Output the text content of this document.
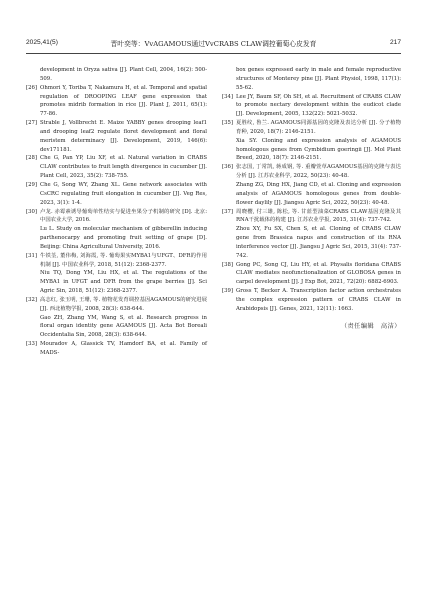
2025,41(5)	晋叶奕等：VvAGAMOUS通过VvCRABS CLAW调控葡萄心皮发育	217
development in Oryza sativa [J]. Plant Cell, 2004, 16(2): 500-509.
[26] Ohmori Y, Toriba T, Nakamura H, et al. Temporal and spatial regulation of DROOPING LEAF gene expression that promotes midrib formation in rice [J]. Plant J, 2011, 65(1): 77-86.
[27] Strable J, Vollbrecht E. Maize YABBY genes drooping leaf1 and drooping leaf2 regulate floret development and floral meristem determinacy [J]. Development, 2019, 146(6): dev171181.
[28] Che G, Pan YP, Liu XF, et al. Natural variation in CRABS CLAW contributes to fruit length divergence in cucumber [J]. Plant Cell, 2023, 35(2): 738-755.
[29] Che G, Song WY, Zhang XL. Gene network associates with CsCRC regulating fruit elongation in cucumber [J]. Veg Res, 2023, 3(1): 1-4.
[30] 卢龙. 赤霉素诱导葡萄单性结实与促进坐果分子机制的研究 [D]. 北京: 中国农业大学, 2016.
Lu L. Study on molecular mechanism of gibberellin inducing parthenocarpy and promoting fruit setting of grape [D]. Beijing: China Agricultural University, 2016.
[31] 牛铁荃, 董伟梅, 刘海霞, 等. 葡萄果实MYBA1与UFGT、DFR的作用机制 [J]. 中国农业科学, 2018, 51(12): 2368-2377.
Niu TQ, Dong YM, Liu HX, et al. The regulations of the MYBA1 in UFGT and DFR from the grape berries [J]. Sci Agric Sin, 2018, 51(12): 2368-2377.
[32] 高志红, 张玉明, 王珊, 等. 植物花发育调控基因AGAMOUS的研究进展 [J]. 西北植物学报, 2008, 28(3): 638-644.
Gao ZH, Zhang YM, Wang S, et al. Research progress in floral organ identity gene AGAMOUS [J]. Acta Bot Boreali Occidentalia Sin, 2008, 28(3): 638-644.
[33] Mouradov A, Glassick TV, Hamdorf BA, et al. Family of MADS-
box genes expressed early in male and female reproductive structures of Monterey pine [J]. Plant Physiol, 1998, 117(1): 55-62.
[34] Lee JY, Baum SF, Oh SH, et al. Recruitment of CRABS CLAW to promote nectary development within the eudicot clade [J]. Development, 2005, 132(22): 5021-5032.
[35] 夏胜纹, 鲁兰. AGAMOUS同源基因的克隆及表达分析 [J]. 分子植物育种, 2020, 18(7): 2146-2151.
Xia SY. Cloning and expression analysis of AGAMOUS homologous genes from Cymbidium goeringii [J]. Mol Plant Breed, 2020, 18(7): 2146-2151.
[36] 张志国, 丁常凯, 蒋成钢, 等. 重瓣萱草AGAMOUS基因的克隆与表达分析 [J]. 江苏农业科学, 2022, 50(23): 40-48.
Zhang ZG, Ding HX, Jiang CD, et al. Cloning and expression analysis of AGAMOUS homologous genes from double-flower daylily [J]. Jiangsu Agric Sci, 2022, 50(23): 40-48.
[37] 周晓樱, 付三雄, 陈松, 等. 甘蓝型油菜CRABS CLAW基因克隆及其RNA干扰载体的构建 [J]. 江苏农业学报, 2015, 31(4): 737-742.
Zhou XY, Fu SX, Chen S, et al. Cloning of CRABS CLAW gene from Brassica napus and construction of its RNA interference vector [J]. Jiangsu J Agric Sci, 2015, 31(4): 737-742.
[38] Gong PC, Song CJ, Liu HY, et al. Physalis floridana CRABS CLAW mediates neofunctionalization of GLOBOSA genes in carpel development [J]. J Exp Bot, 2021, 72(20): 6882-6903.
[39] Gross T, Becker A. Transcription factor action orchestrates the complex expression pattern of CRABS CLAW in Arabidopsis [J]. Genes, 2021, 12(11): 1663.
（责任编辑　高洁）
